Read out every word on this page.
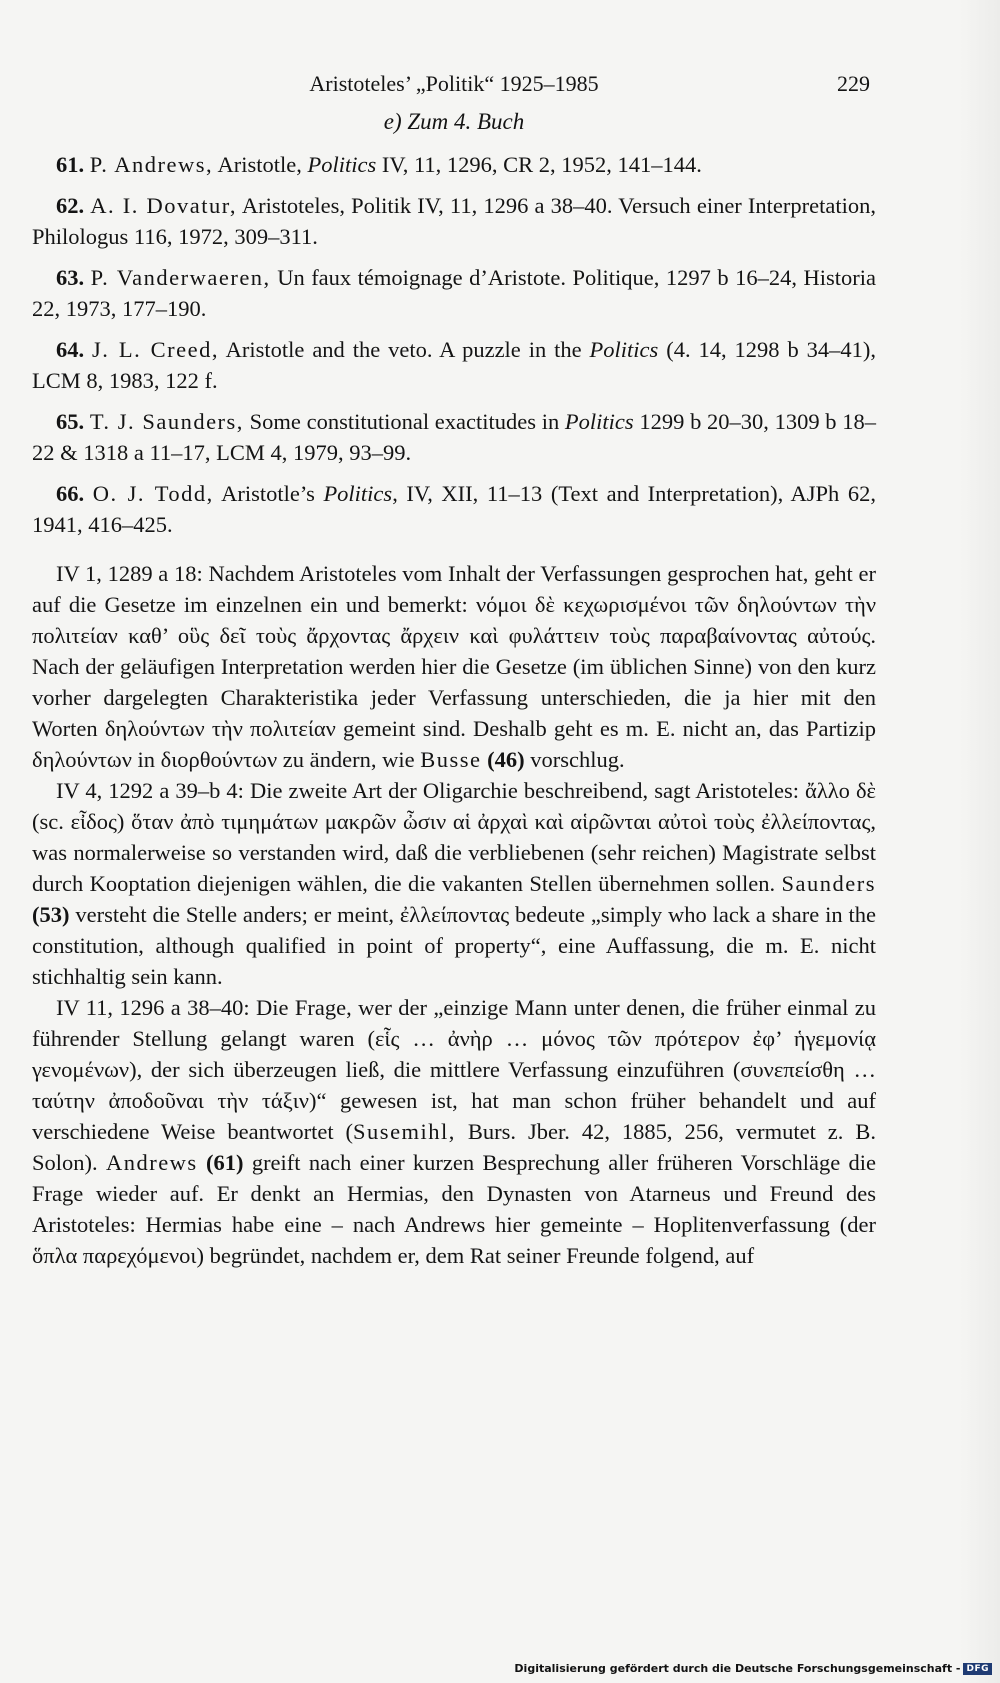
Aristoteles’ „Politik“ 1925–1985	229
e) Zum 4. Buch

61. P. Andrews, Aristotle, Politics IV, 11, 1296, CR 2, 1952, 141–144.

62. A. I. Dovatur, Aristoteles, Politik IV, 11, 1296 a 38–40. Versuch einer Interpretation, Philologus 116, 1972, 309–311.

63. P. Vanderwaeren, Un faux témoignage d’Aristote. Politique, 1297 b 16–24, Historia 22, 1973, 177–190.

64. J. L. Creed, Aristotle and the veto. A puzzle in the Politics (4. 14, 1298 b 34–41), LCM 8, 1983, 122 f.

65. T. J. Saunders, Some constitutional exactitudes in Politics 1299 b 20–30, 1309 b 18–22 & 1318 a 11–17, LCM 4, 1979, 93–99.

66. O. J. Todd, Aristotle’s Politics, IV, XII, 11–13 (Text and Interpretation), AJPh 62, 1941, 416–425.

IV 1, 1289 a 18: Nachdem Aristoteles vom Inhalt der Verfassungen gesprochen hat, geht er auf die Gesetze im einzelnen ein und bemerkt: νόμοι δὲ κεχωρισμένοι τῶν δηλούντων τὴν πολιτείαν καθ’ οὓς δεῖ τοὺς ἄρχοντας ἄρχειν καὶ φυλάττειν τοὺς παραβαίνοντας αὐτούς. Nach der geläufigen Interpretation werden hier die Gesetze (im üblichen Sinne) von den kurz vorher dargelegten Charakteristika jeder Verfassung unterschieden, die ja hier mit den Worten δηλούντων τὴν πολιτείαν gemeint sind. Deshalb geht es m. E. nicht an, das Partizip δηλούντων in διορθούντων zu ändern, wie Busse (46) vorschlug.

IV 4, 1292 a 39–b 4: Die zweite Art der Oligarchie beschreibend, sagt Aristoteles: ἄλλο δὲ (sc. εἶδος) ὅταν ἀπὸ τιμημάτων μακρῶν ὦσιν αἱ ἀρχαὶ καὶ αἱρῶνται αὐτοὶ τοὺς ἐλλείποντας, was normalerweise so verstanden wird, daß die verbliebenen (sehr reichen) Magistrate selbst durch Kooptation diejenigen wählen, die die vakanten Stellen übernehmen sollen. Saunders (53) versteht die Stelle anders; er meint, ἐλλείποντας bedeute „simply who lack a share in the constitution, although qualified in point of property“, eine Auffassung, die m. E. nicht stichhaltig sein kann.

IV 11, 1296 a 38–40: Die Frage, wer der „einzige Mann unter denen, die früher einmal zu führender Stellung gelangt waren (εἷς … ἀνὴρ … μόνος τῶν πρότερον ἐφ’ ἡγεμονίᾳ γενομένων), der sich überzeugen ließ, die mittlere Verfassung einzuführen (συνεπείσθη … ταύτην ἀποδοῦναι τὴν τάξιν)“ gewesen ist, hat man schon früher behandelt und auf verschiedene Weise beantwortet (Susemihl, Burs. Jber. 42, 1885, 256, vermutet z. B. Solon). Andrews (61) greift nach einer kurzen Besprechung aller früheren Vorschläge die Frage wieder auf. Er denkt an Hermias, den Dynasten von Atarneus und Freund des Aristoteles: Hermias habe eine – nach Andrews hier gemeinte – Hoplitenverfassung (der ὅπλα παρεχόμενοι) begründet, nachdem er, dem Rat seiner Freunde folgend, auf

Digitalisierung gefördert durch die Deutsche Forschungsgemeinschaft - DFG
